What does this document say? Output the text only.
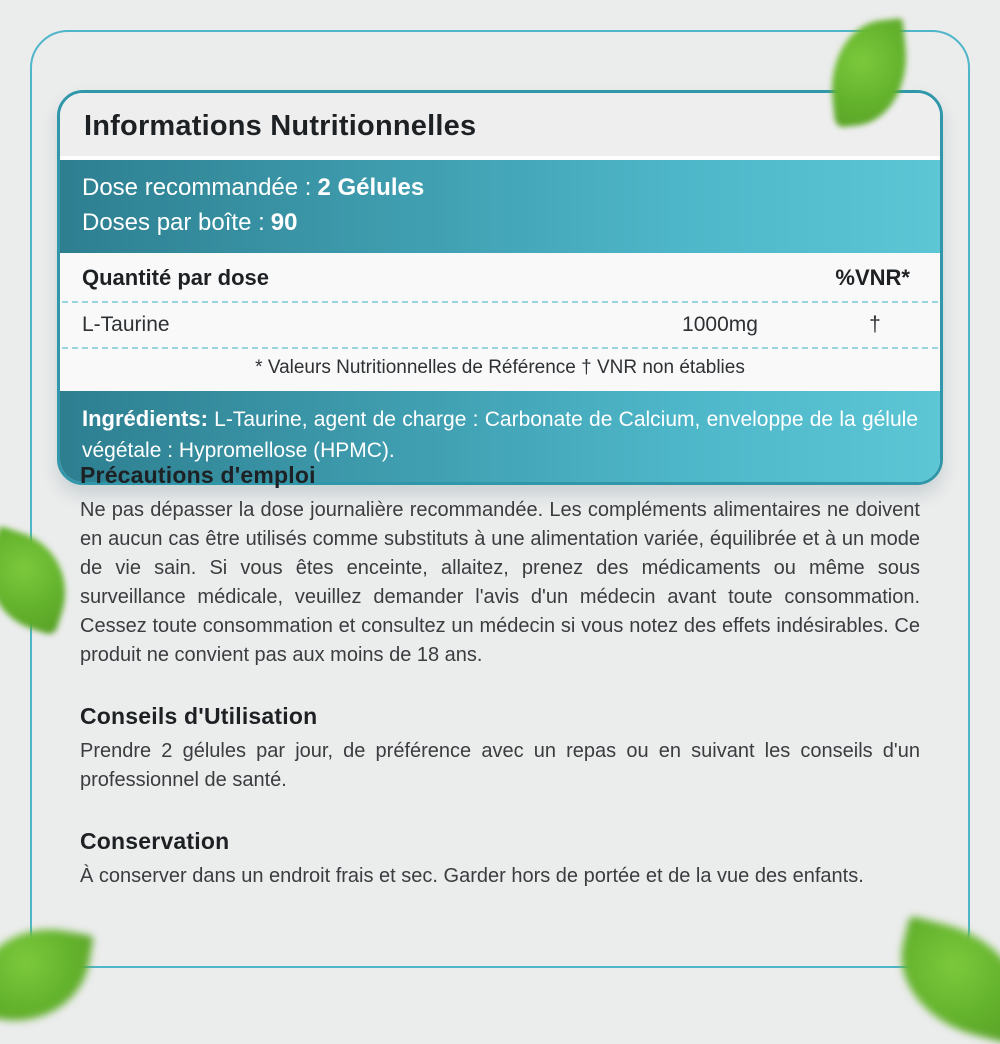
Informations Nutritionnelles
Dose recommandée : 2 Gélules
Doses par boîte : 90
Quantité par dose	%VNR*
L-Taurine	1000mg	†
* Valeurs Nutritionnelles de Référence † VNR non établies

Ingrédients: L-Taurine, agent de charge : Carbonate de Calcium, enveloppe de la gélule végétale : Hypromellose (HPMC).

Précautions d'emploi

Ne pas dépasser la dose journalière recommandée. Les compléments alimentaires ne doivent en aucun cas être utilisés comme substituts à une alimentation variée, équilibrée et à un mode de vie sain. Si vous êtes enceinte, allaitez, prenez des médicaments ou même sous surveillance médicale, veuillez demander l'avis d'un médecin avant toute consommation. Cessez toute consommation et consultez un médecin si vous notez des effets indésirables. Ce produit ne convient pas aux moins de 18 ans.

Conseils d'Utilisation

Prendre 2 gélules par jour, de préférence avec un repas ou en suivant les conseils d'un professionnel de santé.

Conservation

À conserver dans un endroit frais et sec. Garder hors de portée et de la vue des enfants.
